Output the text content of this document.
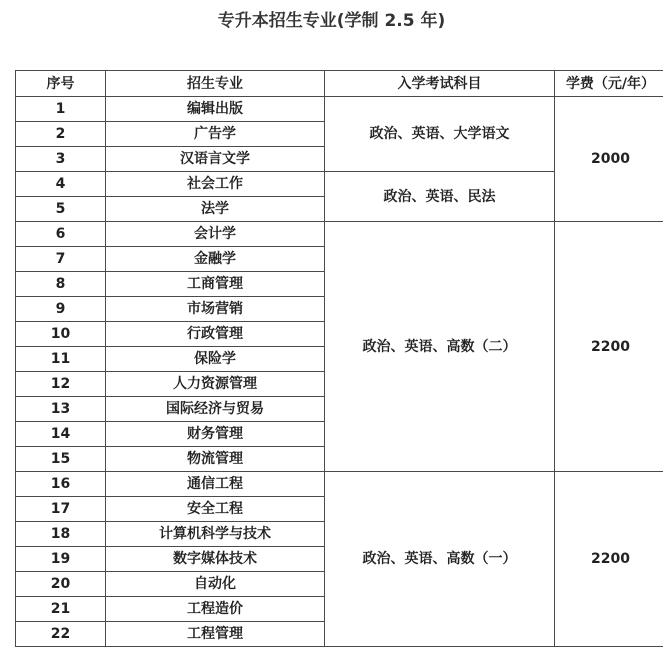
专升本招生专业(学制 2.5 年)
序号	招生专业	入学考试科目	学费（元/年）
1	编辑出版	政治、英语、大学语文	2000
2	广告学		
3	汉语言文学		
4	社会工作	政治、英语、民法	
5	法学		
6	会计学	政治、英语、高数（二）	2200
7	金融学		
8	工商管理		
9	市场营销		
10	行政管理		
11	保险学		
12	人力资源管理		
13	国际经济与贸易		
14	财务管理		
15	物流管理		
16	通信工程	政治、英语、高数（一）	2200
17	安全工程		
18	计算机科学与技术		
19	数字媒体技术		
20	自动化		
21	工程造价		
22	工程管理		
